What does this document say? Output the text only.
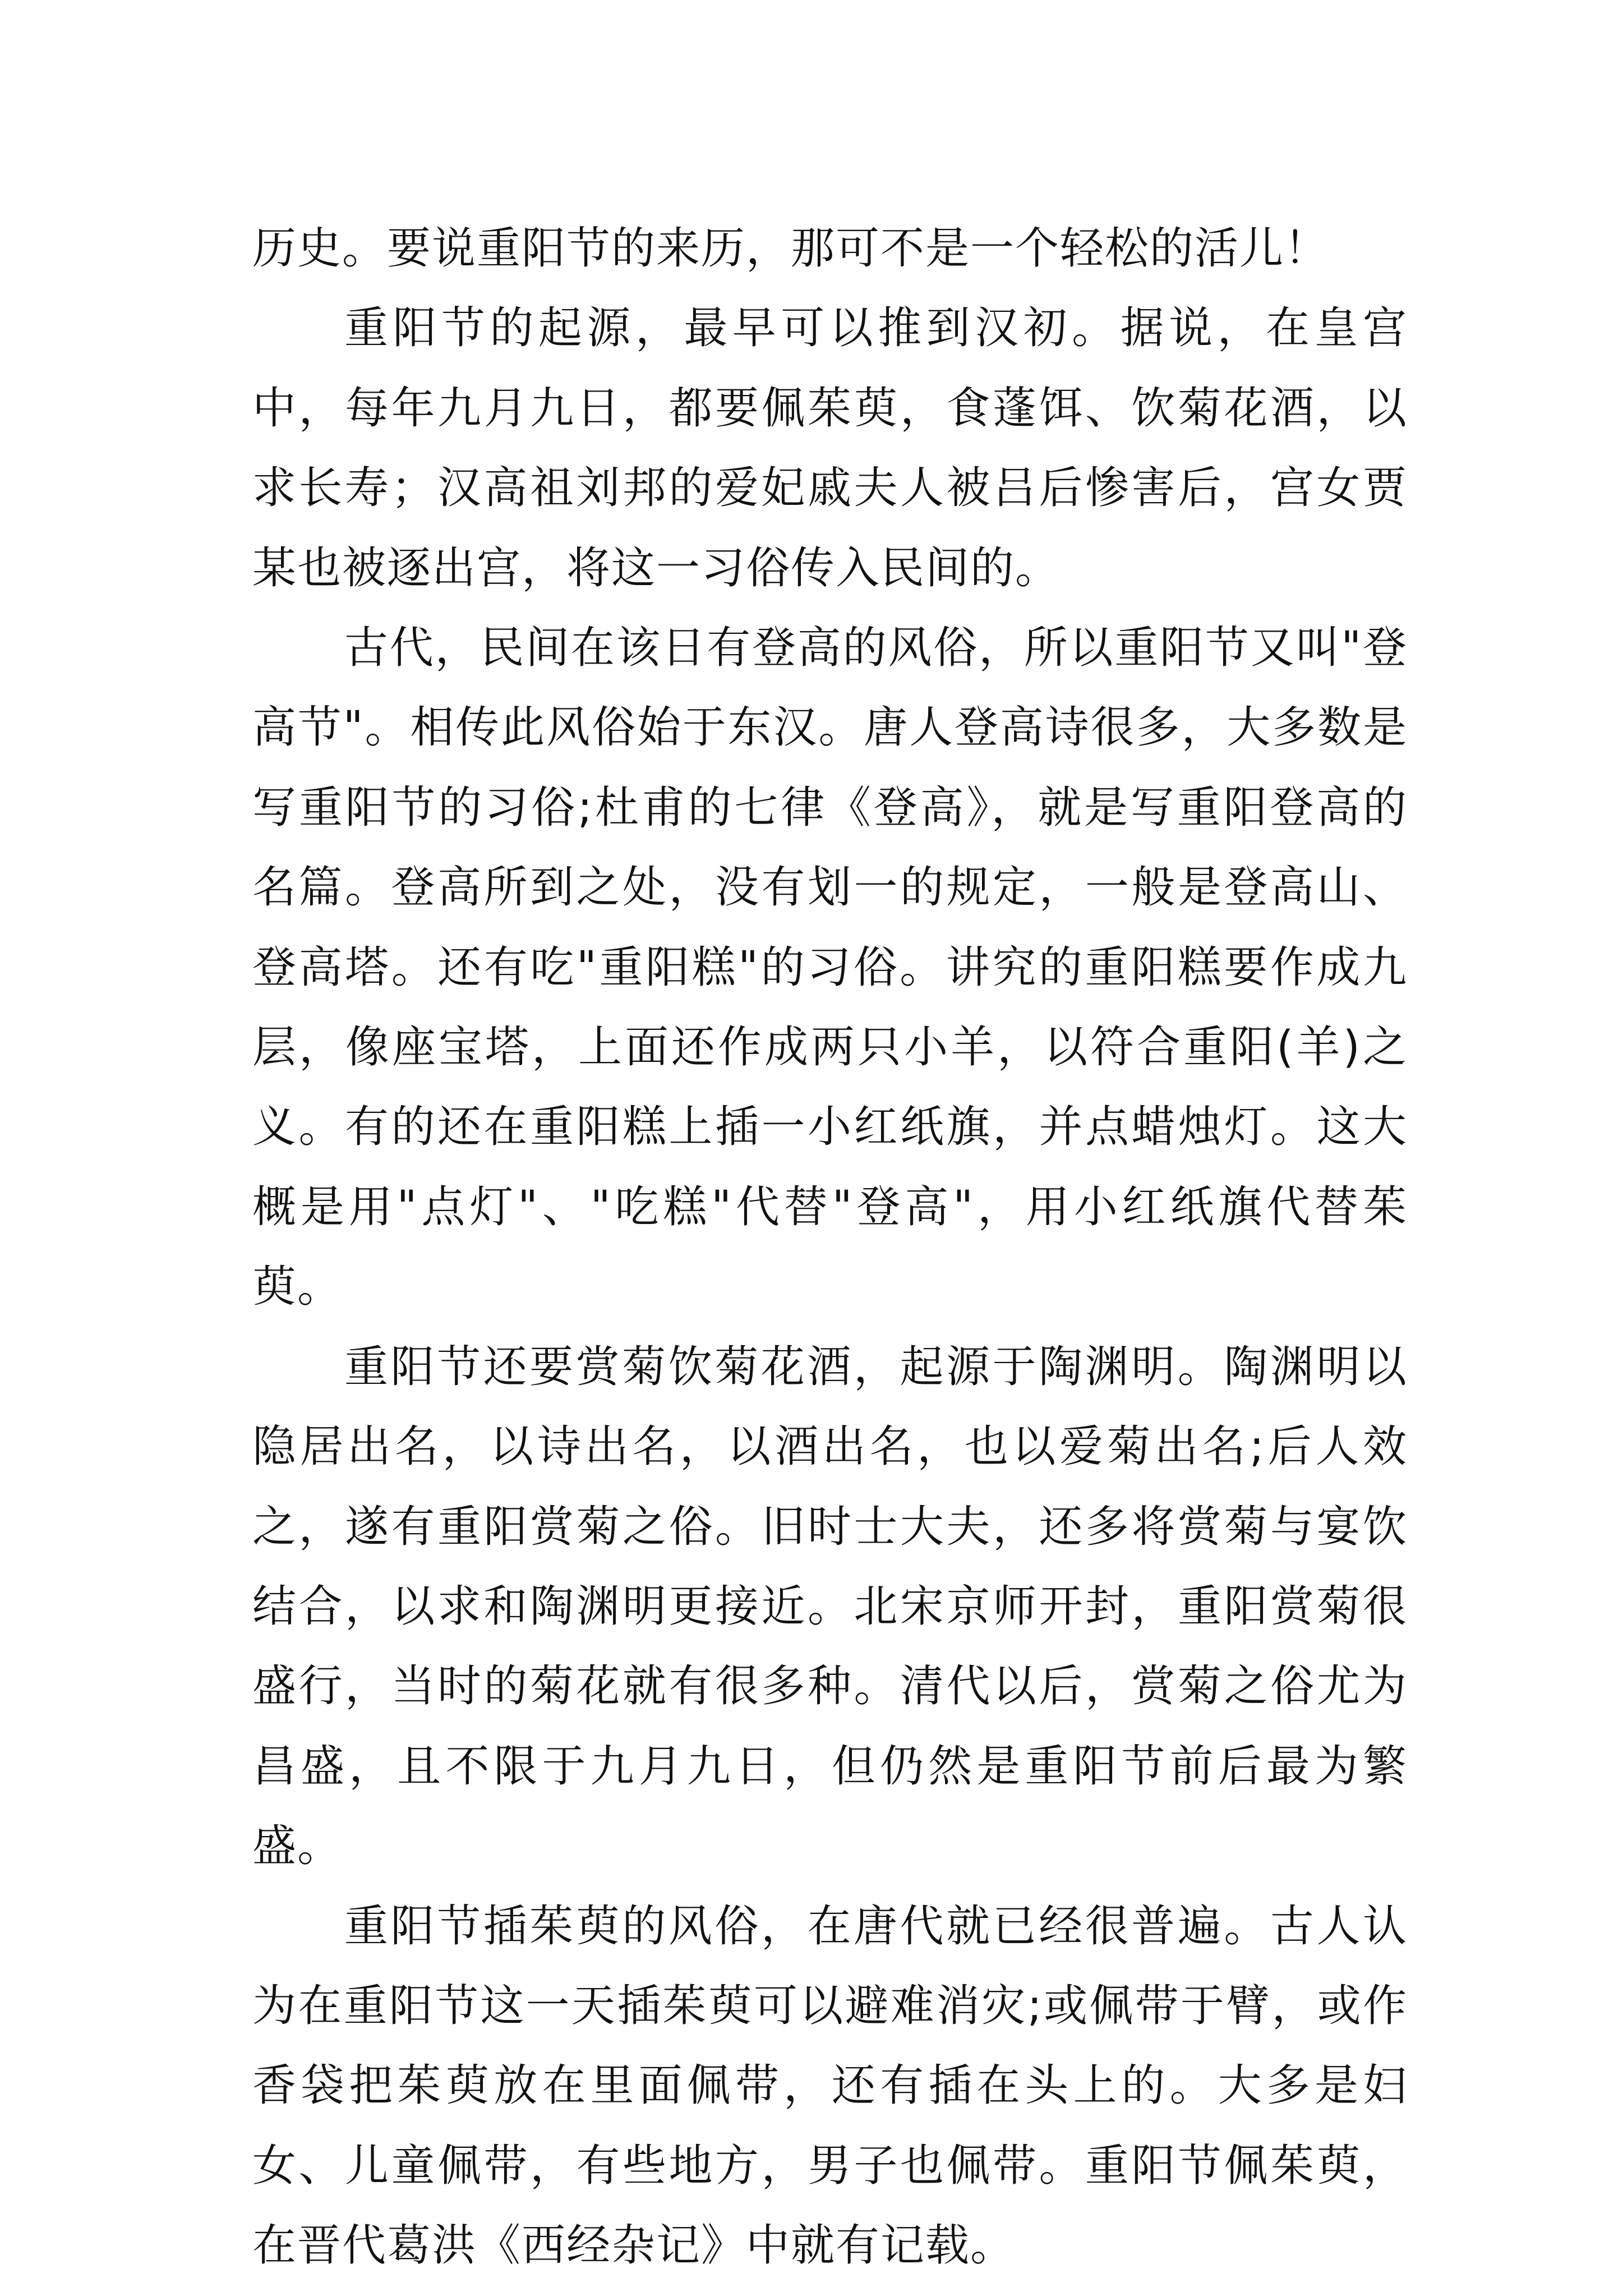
历史。要说重阳节的来历，那可不是一个轻松的活儿！

重阳节的起源，最早可以推到汉初。据说，在皇宫中，每年九月九日，都要佩茱萸，食蓬饵、饮菊花酒，以求长寿；汉高祖刘邦的爱妃戚夫人被吕后惨害后，宫女贾某也被逐出宫，将这一习俗传入民间的。

古代，民间在该日有登高的风俗，所以重阳节又叫"登高节"。相传此风俗始于东汉。唐人登高诗很多，大多数是写重阳节的习俗;杜甫的七律《登高》，就是写重阳登高的名篇。登高所到之处，没有划一的规定，一般是登高山、登高塔。还有吃"重阳糕"的习俗。讲究的重阳糕要作成九层，像座宝塔，上面还作成两只小羊，以符合重阳(羊)之义。有的还在重阳糕上插一小红纸旗，并点蜡烛灯。这大概是用"点灯"、"吃糕"代替"登高"，用小红纸旗代替茱萸。

重阳节还要赏菊饮菊花酒，起源于陶渊明。陶渊明以隐居出名，以诗出名，以酒出名，也以爱菊出名;后人效之，遂有重阳赏菊之俗。旧时士大夫，还多将赏菊与宴饮结合，以求和陶渊明更接近。北宋京师开封，重阳赏菊很盛行，当时的菊花就有很多种。清代以后，赏菊之俗尤为昌盛，且不限于九月九日，但仍然是重阳节前后最为繁盛。

重阳节插茱萸的风俗，在唐代就已经很普遍。古人认为在重阳节这一天插茱萸可以避难消灾;或佩带于臂，或作香袋把茱萸放在里面佩带，还有插在头上的。大多是妇女、儿童佩带，有些地方，男子也佩带。重阳节佩茱萸，在晋代葛洪《西经杂记》中就有记载。
